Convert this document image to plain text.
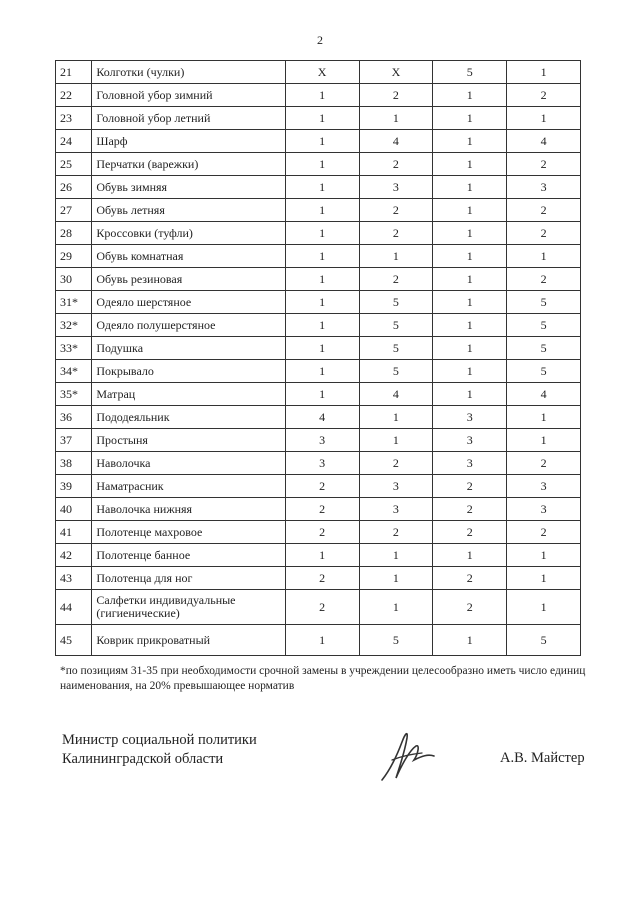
2
21	Колготки (чулки)	Х	Х	5	1
22	Головной убор зимний	1	2	1	2
23	Головной убор летний	1	1	1	1
24	Шарф	1	4	1	4
25	Перчатки (варежки)	1	2	1	2
26	Обувь зимняя	1	3	1	3
27	Обувь летняя	1	2	1	2
28	Кроссовки (туфли)	1	2	1	2
29	Обувь комнатная	1	1	1	1
30	Обувь резиновая	1	2	1	2
31*	Одеяло шерстяное	1	5	1	5
32*	Одеяло полушерстяное	1	5	1	5
33*	Подушка	1	5	1	5
34*	Покрывало	1	5	1	5
35*	Матрац	1	4	1	4
36	Пододеяльник	4	1	3	1
37	Простыня	3	1	3	1
38	Наволочка	3	2	3	2
39	Наматрасник	2	3	2	3
40	Наволочка нижняя	2	3	2	3
41	Полотенце махровое	2	2	2	2
42	Полотенце банное	1	1	1	1
43	Полотенца для ног	2	1	2	1
44	Салфетки индивидуальные (гигиенические)	2	1	2	1
45	Коврик прикроватный	1	5	1	5
*по позициям 31-35 при необходимости срочной замены в учреждении целесообразно иметь число единиц наименования, на 20% превышающее норматив
Министр социальной политики
Калининградской области	А.В. Майстер
